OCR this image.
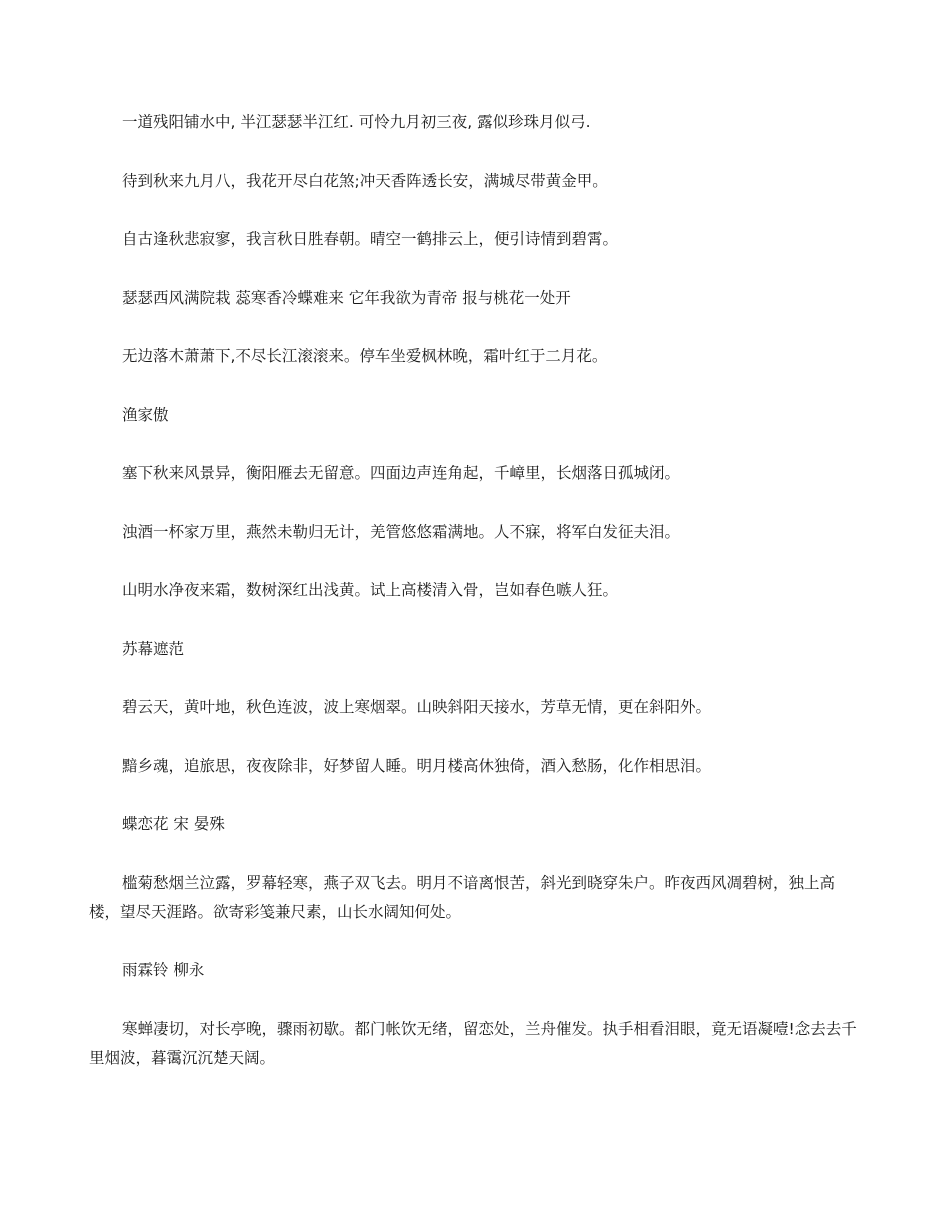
一道残阳铺水中, 半江瑟瑟半江红. 可怜九月初三夜, 露似珍珠月似弓.

待到秋来九月八，我花开尽白花煞;冲天香阵透长安，满城尽带黄金甲。

自古逢秋悲寂寥，我言秋日胜春朝。晴空一鹤排云上，便引诗情到碧霄。

瑟瑟西风满院栽 蕊寒香冷蝶难来 它年我欲为青帝 报与桃花一处开

无边落木萧萧下,不尽长江滚滚来。停车坐爱枫林晚，霜叶红于二月花。

渔家傲

塞下秋来风景异，衡阳雁去无留意。四面边声连角起，千嶂里，长烟落日孤城闭。

浊酒一杯家万里，燕然未勒归无计，羌管悠悠霜满地。人不寐，将军白发征夫泪。

山明水净夜来霜，数树深红出浅黄。试上高楼清入骨，岂如春色嗾人狂。

苏幕遮范

碧云天，黄叶地，秋色连波，波上寒烟翠。山映斜阳天接水，芳草无情，更在斜阳外。

黯乡魂，追旅思，夜夜除非，好梦留人睡。明月楼高休独倚，酒入愁肠，化作相思泪。

蝶恋花 宋 晏殊

槛菊愁烟兰泣露，罗幕轻寒，燕子双飞去。明月不谙离恨苦，斜光到晓穿朱户。昨夜西风凋碧树，独上高楼，望尽天涯路。欲寄彩笺兼尺素，山长水阔知何处。

雨霖铃 柳永

寒蝉凄切，对长亭晚，骤雨初歇。都门帐饮无绪，留恋处，兰舟催发。执手相看泪眼，竟无语凝噎!念去去千里烟波，暮霭沉沉楚天阔。
